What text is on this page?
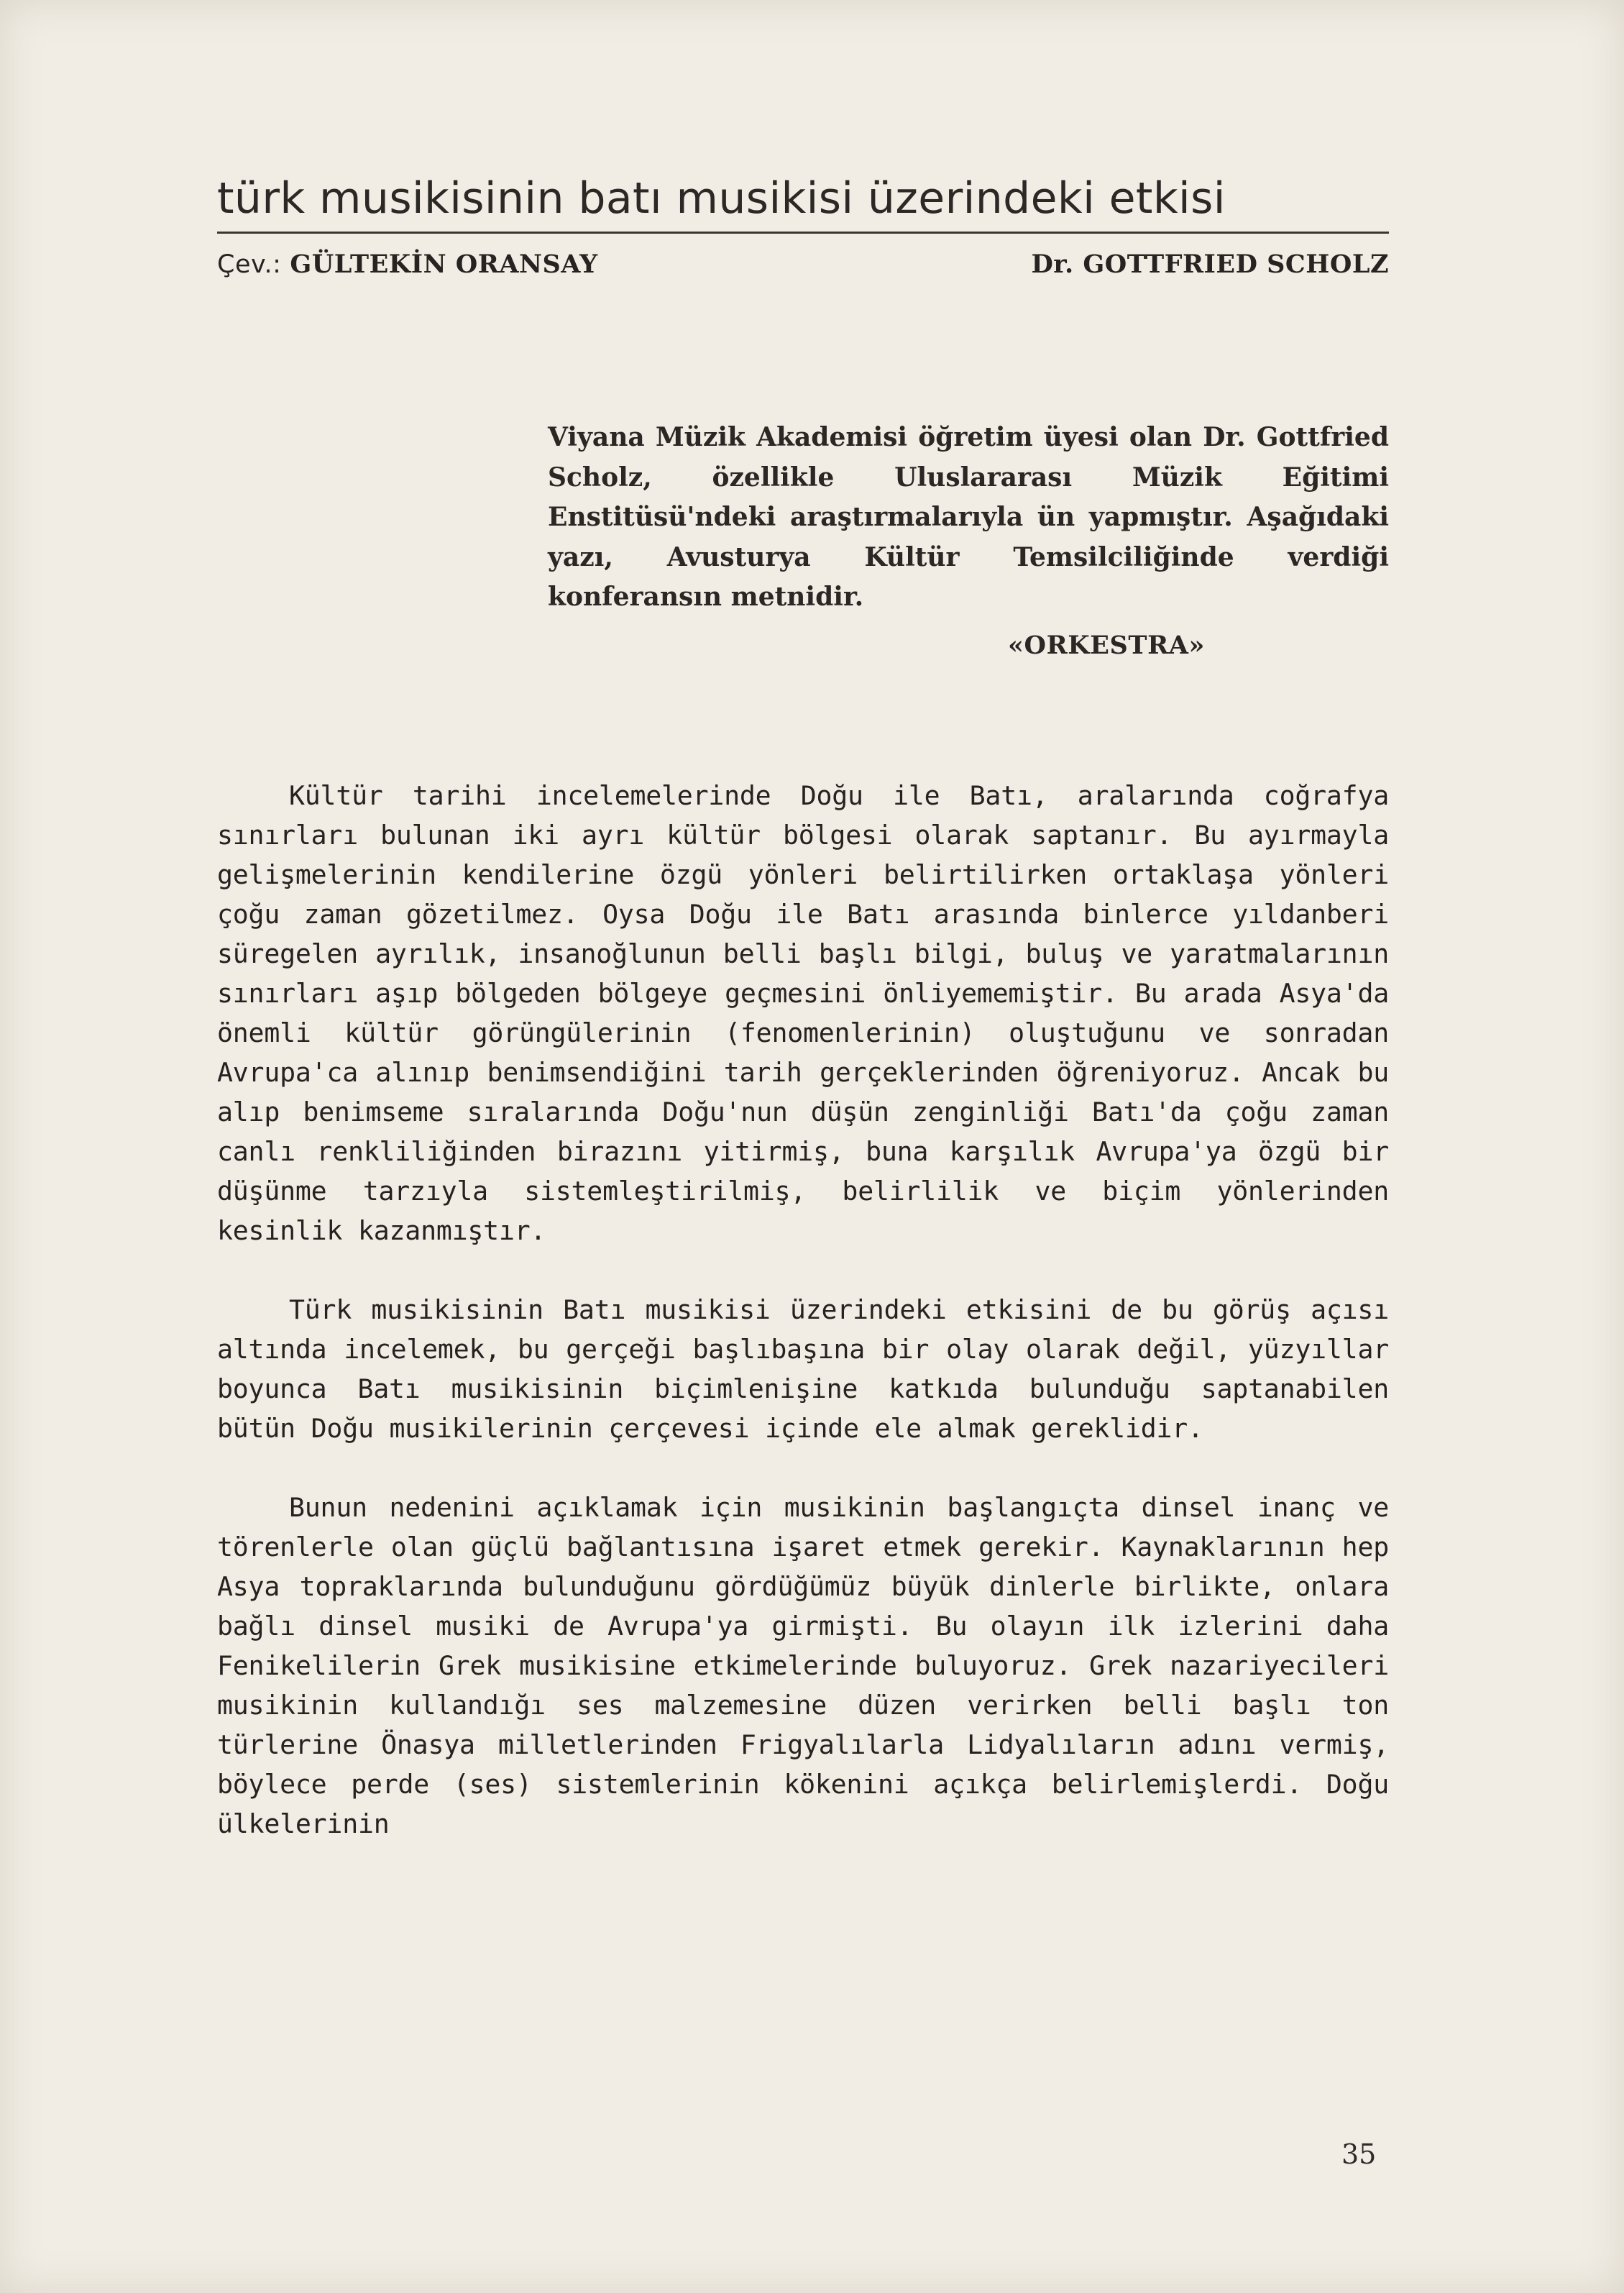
türk musikisinin batı musikisi üzerindeki etkisi
Çev.: GÜLTEKİN ORANSAY	Dr. GOTTFRIED SCHOLZ
Viyana Müzik Akademisi öğretim üyesi olan Dr. Gottfried Scholz, özellikle Uluslararası Müzik Eğitimi Enstitüsü'ndeki araştırmalarıyla ün yapmıştır. Aşağıdaki yazı, Avusturya Kültür Temsilciliğinde verdiği konferansın metnidir.
«ORKESTRA»

Kültür tarihi incelemelerinde Doğu ile Batı, aralarında coğrafya sınırları bulunan iki ayrı kültür bölgesi olarak saptanır. Bu ayırmayla gelişmelerinin kendilerine özgü yönleri belirtilirken ortaklaşa yönleri çoğu zaman gözetilmez. Oysa Doğu ile Batı arasında binlerce yıldanberi süregelen ayrılık, insanoğlunun belli başlı bilgi, buluş ve yaratmalarının sınırları aşıp bölgeden bölgeye geçmesini önliyememiştir. Bu arada Asya'da önemli kültür görüngülerinin (fenomenlerinin) oluştuğunu ve sonradan Avrupa'ca alınıp benimsendiğini tarih gerçeklerinden öğreniyoruz. Ancak bu alıp benimseme sıralarında Doğu'nun düşün zenginliği Batı'da çoğu zaman canlı renkliliğinden birazını yitirmiş, buna karşılık Avrupa'ya özgü bir düşünme tarzıyla sistemleştirilmiş, belirlilik ve biçim yönlerinden kesinlik kazanmıştır.

Türk musikisinin Batı musikisi üzerindeki etkisini de bu görüş açısı altında incelemek, bu gerçeği başlıbaşına bir olay olarak değil, yüzyıllar boyunca Batı musikisinin biçimlenişine katkıda bulunduğu saptanabilen bütün Doğu musikilerinin çerçevesi içinde ele almak gereklidir.

Bunun nedenini açıklamak için musikinin başlangıçta dinsel inanç ve törenlerle olan güçlü bağlantısına işaret etmek gerekir. Kaynaklarının hep Asya topraklarında bulunduğunu gördüğümüz büyük dinlerle birlikte, onlara bağlı dinsel musiki de Avrupa'ya girmişti. Bu olayın ilk izlerini daha Fenikelilerin Grek musikisine etkimelerinde buluyoruz. Grek nazariyecileri musikinin kullandığı ses malzemesine düzen verirken belli başlı ton türlerine Önasya milletlerinden Frigyalılarla Lidyalıların adını vermiş, böylece perde (ses) sistemlerinin kökenini açıkça belirlemişlerdi. Doğu ülkelerinin

35
